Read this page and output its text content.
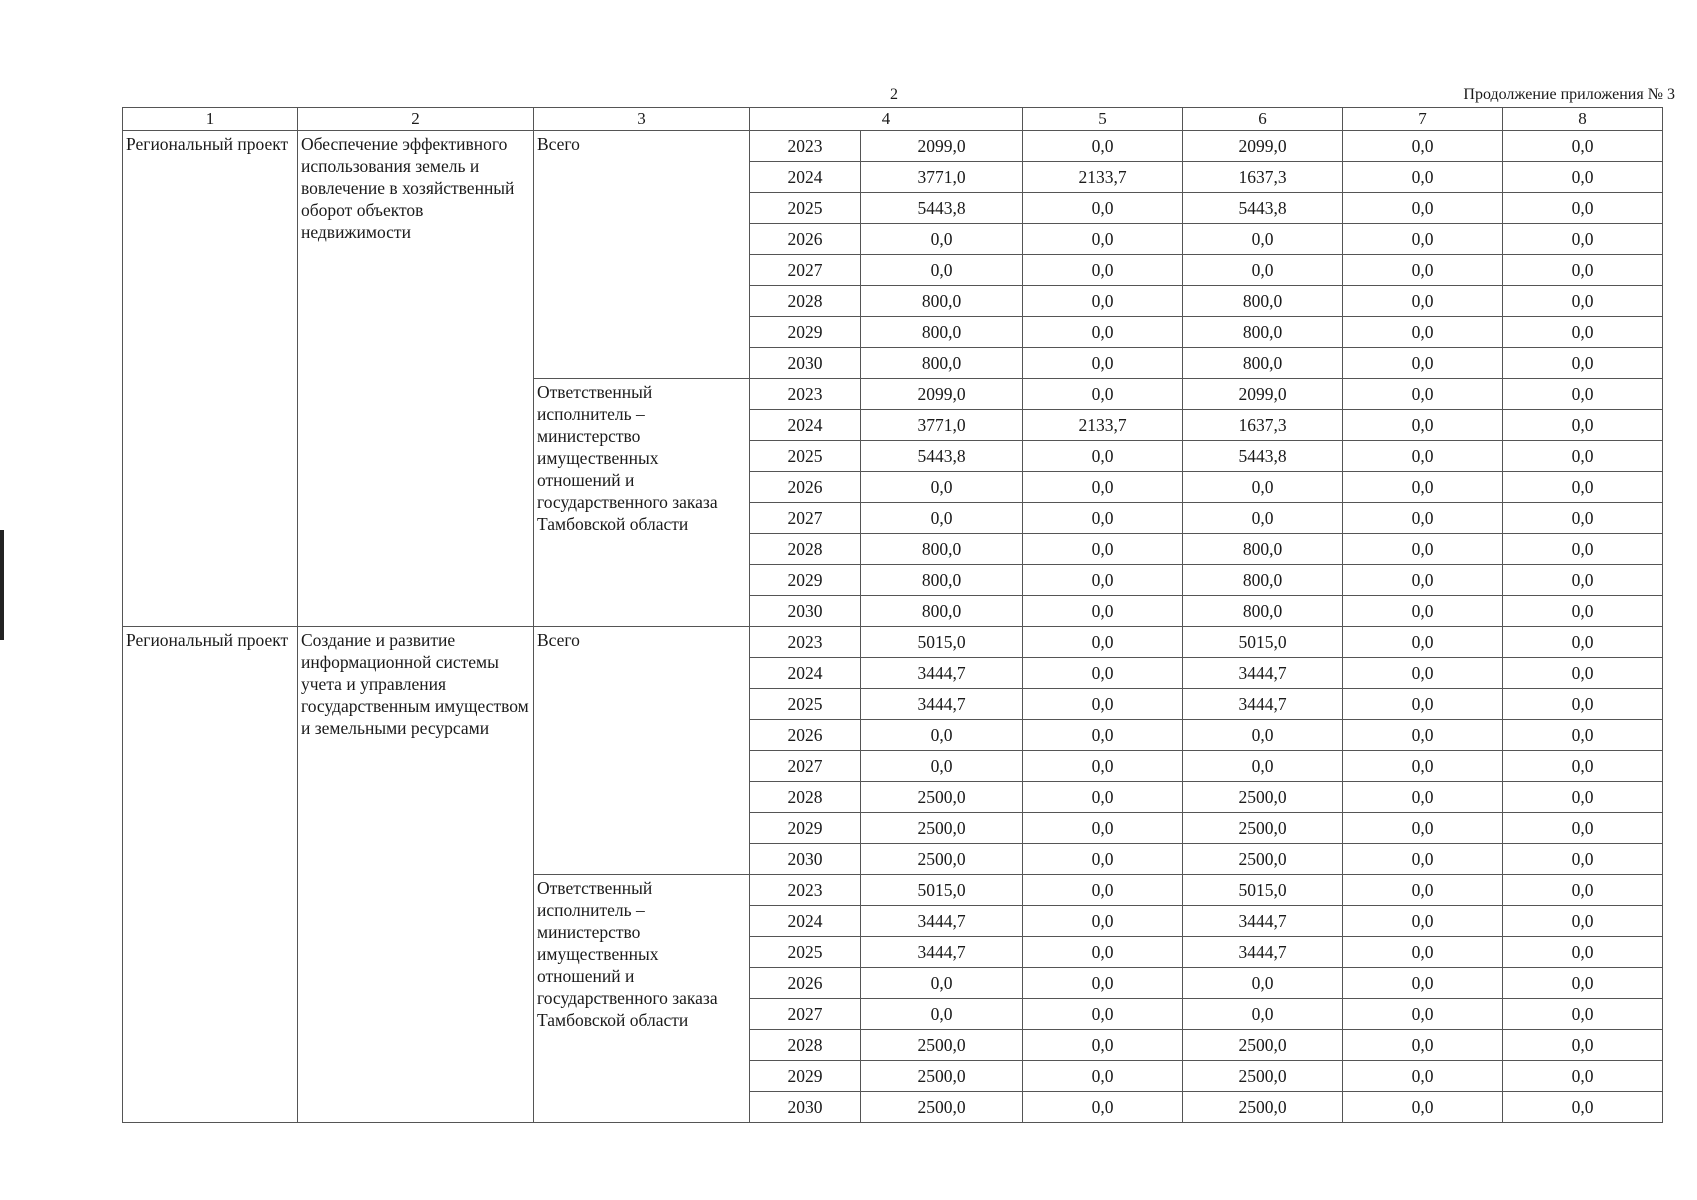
2	Продолжение приложения № 3
1	2	3	4		5	6	7	8
Региональный проект	Обеспечение эффективного использования земель и вовлечение в хозяйственный оборот объектов недвижимости	Всего	2023	2099,0	0,0	2099,0	0,0	0,0
			2024	3771,0	2133,7	1637,3	0,0	0,0
			2025	5443,8	0,0	5443,8	0,0	0,0
			2026	0,0	0,0	0,0	0,0	0,0
			2027	0,0	0,0	0,0	0,0	0,0
			2028	800,0	0,0	800,0	0,0	0,0
			2029	800,0	0,0	800,0	0,0	0,0
			2030	800,0	0,0	800,0	0,0	0,0
		Ответственный исполнитель – министерство имущественных отношений и государственного заказа Тамбовской области	2023	2099,0	0,0	2099,0	0,0	0,0
			2024	3771,0	2133,7	1637,3	0,0	0,0
			2025	5443,8	0,0	5443,8	0,0	0,0
			2026	0,0	0,0	0,0	0,0	0,0
			2027	0,0	0,0	0,0	0,0	0,0
			2028	800,0	0,0	800,0	0,0	0,0
			2029	800,0	0,0	800,0	0,0	0,0
			2030	800,0	0,0	800,0	0,0	0,0
Региональный проект	Создание и развитие информационной системы учета и управления государственным имуществом и земельными ресурсами	Всего	2023	5015,0	0,0	5015,0	0,0	0,0
			2024	3444,7	0,0	3444,7	0,0	0,0
			2025	3444,7	0,0	3444,7	0,0	0,0
			2026	0,0	0,0	0,0	0,0	0,0
			2027	0,0	0,0	0,0	0,0	0,0
			2028	2500,0	0,0	2500,0	0,0	0,0
			2029	2500,0	0,0	2500,0	0,0	0,0
			2030	2500,0	0,0	2500,0	0,0	0,0
		Ответственный исполнитель – министерство имущественных отношений и государственного заказа Тамбовской области	2023	5015,0	0,0	5015,0	0,0	0,0
			2024	3444,7	0,0	3444,7	0,0	0,0
			2025	3444,7	0,0	3444,7	0,0	0,0
			2026	0,0	0,0	0,0	0,0	0,0
			2027	0,0	0,0	0,0	0,0	0,0
			2028	2500,0	0,0	2500,0	0,0	0,0
			2029	2500,0	0,0	2500,0	0,0	0,0
			2030	2500,0	0,0	2500,0	0,0	0,0
